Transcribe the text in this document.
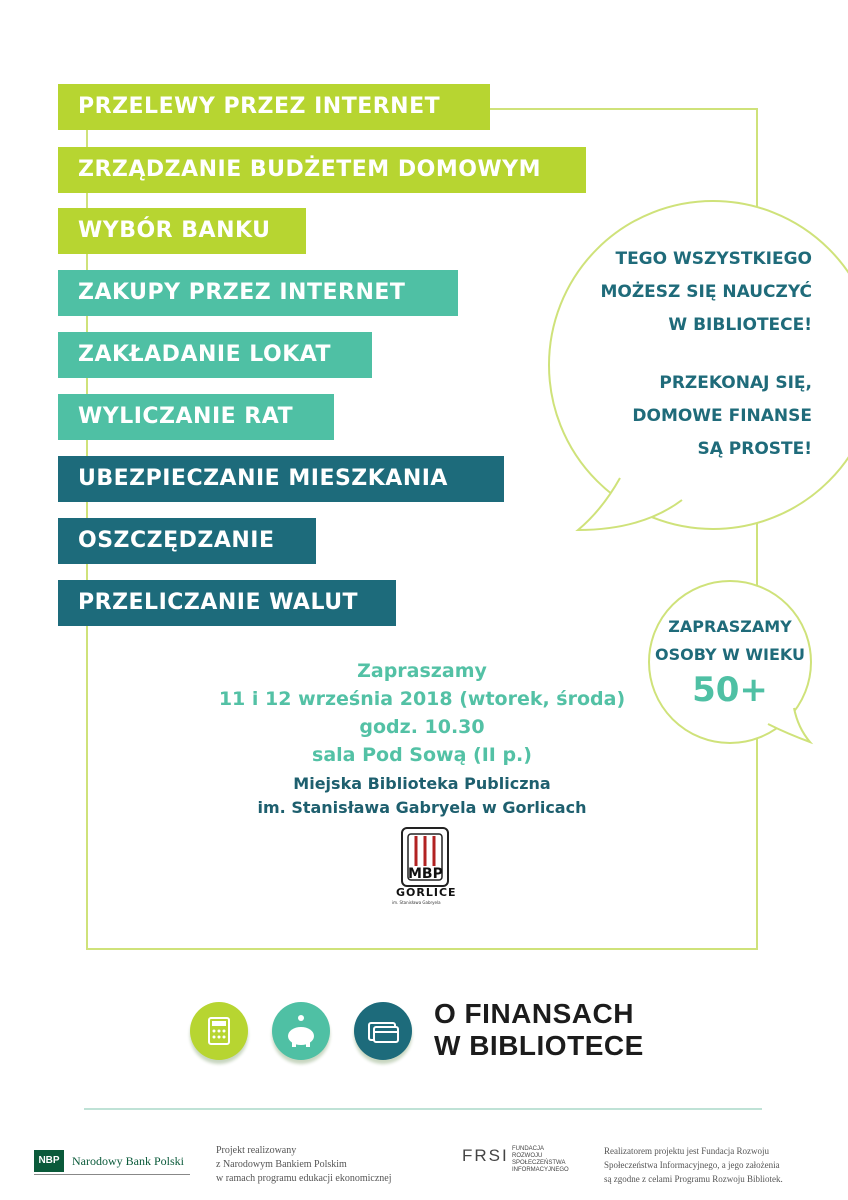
PRZELEWY PRZEZ INTERNET
ZRZĄDZANIE BUDŻETEM DOMOWYM
WYBÓR BANKU
ZAKUPY PRZEZ INTERNET
ZAKŁADANIE LOKAT
WYLICZANIE RAT
UBEZPIECZANIE MIESZKANIA
OSZCZĘDZANIE
PRZELICZANIE WALUT
TEGO WSZYSTKIEGO
MOŻESZ SIĘ NAUCZYĆ
W BIBLIOTECE!
PRZEKONAJ SIĘ,
DOMOWE FINANSE
SĄ PROSTE!
ZAPRASZAMY
OSOBY W WIEKU
50+
Zapraszamy
11 i 12 września 2018 (wtorek, środa)
godz. 10.30
sala Pod Sową (II p.)
Miejska Biblioteka Publiczna
im. Stanisława Gabryela w Gorlicach
MBP
GORLICE
im. Stanisława Gabryela
O FINANSACH
W BIBLIOTECE
NBP	Narodowy Bank Polski
Projekt realizowany
z Narodowym Bankiem Polskim
w ramach programu edukacji ekonomicznej
FRSI FUNDACJA
ROZWOJU
SPOŁECZEŃSTWA
INFORMACYJNEGO
Realizatorem projektu jest Fundacja Rozwoju
Społeczeństwa Informacyjnego, a jego założenia
są zgodne z celami Programu Rozwoju Bibliotek.
